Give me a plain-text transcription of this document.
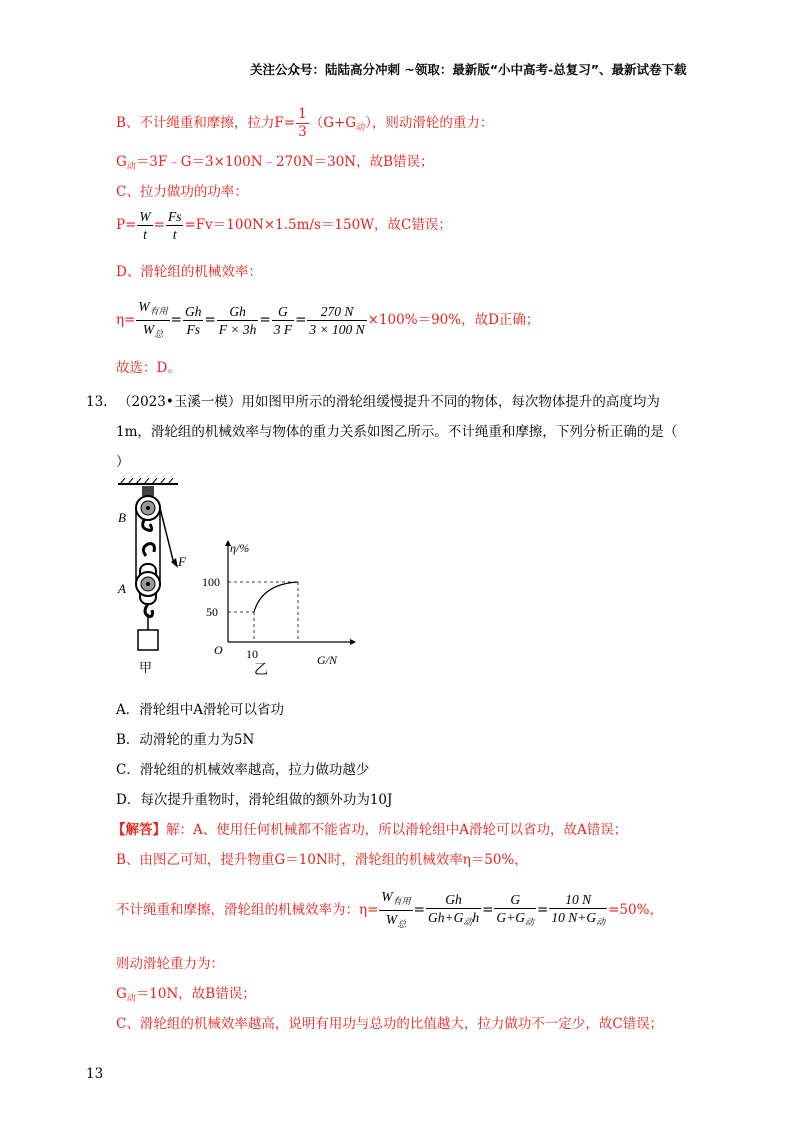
关注公众号：陆陆高分冲刺 ~领取：最新版“小中高考-总复习”、最新试卷下载
B、不计绳重和摩擦，拉力$F= \frac{1}{3} (G+G_动)$，则动滑轮的重力：
$G_动=3F﹣G=3\times 100N﹣270N=30N$，故B错误；
C、拉力做功的功率：
$P= \frac{W}{t} = \frac{Fs}{t} =Fv=100N\times 1.5m/s=150W$，故C错误；
D、滑轮组的机械效率：
$\eta= \frac{W_{有用}}{W_总} = \frac{Gh}{Fs} = \frac{Gh}{F \times 3h} = \frac{G}{3 F} = \frac{270 N}{3 \times 100 N} \times 100\%=90\%$，故D正确；
故选：D。
13. （2023•玉溪一模）用如图甲所示的滑轮组缓慢提升不同的物体，每次物体提升的高度均为
1m，滑轮组的机械效率与物体的重力关系如图乙所示。不计绳重和摩擦，下列分析正确的是（
）
B
A
F
甲
η/%
G/N
O
100
50
10
乙
A．滑轮组中A滑轮可以省功
B．动滑轮的重力为5N
C．滑轮组的机械效率越高，拉力做功越少
D．每次提升重物时，滑轮组做的额外功为10J
【解答】解：A、使用任何机械都不能省功，所以滑轮组中A滑轮可以省功，故A错误；
B、由图乙可知，提升物重G＝10N时，滑轮组的机械效率η＝50%，
不计绳重和摩擦，滑轮组的机械效率为：$\eta= \frac{W_{有用}}{W_总} = \frac{Gh}{Gh+G_动h} = \frac{G}{G+G_动} = \frac{10 N}{10 N+G_动} =50\%$，
则动滑轮重力为：
$G_动=10N$，故B错误；
C、滑轮组的机械效率越高，说明有用功与总功的比值越大，拉力做功不一定少，故C错误；
13
